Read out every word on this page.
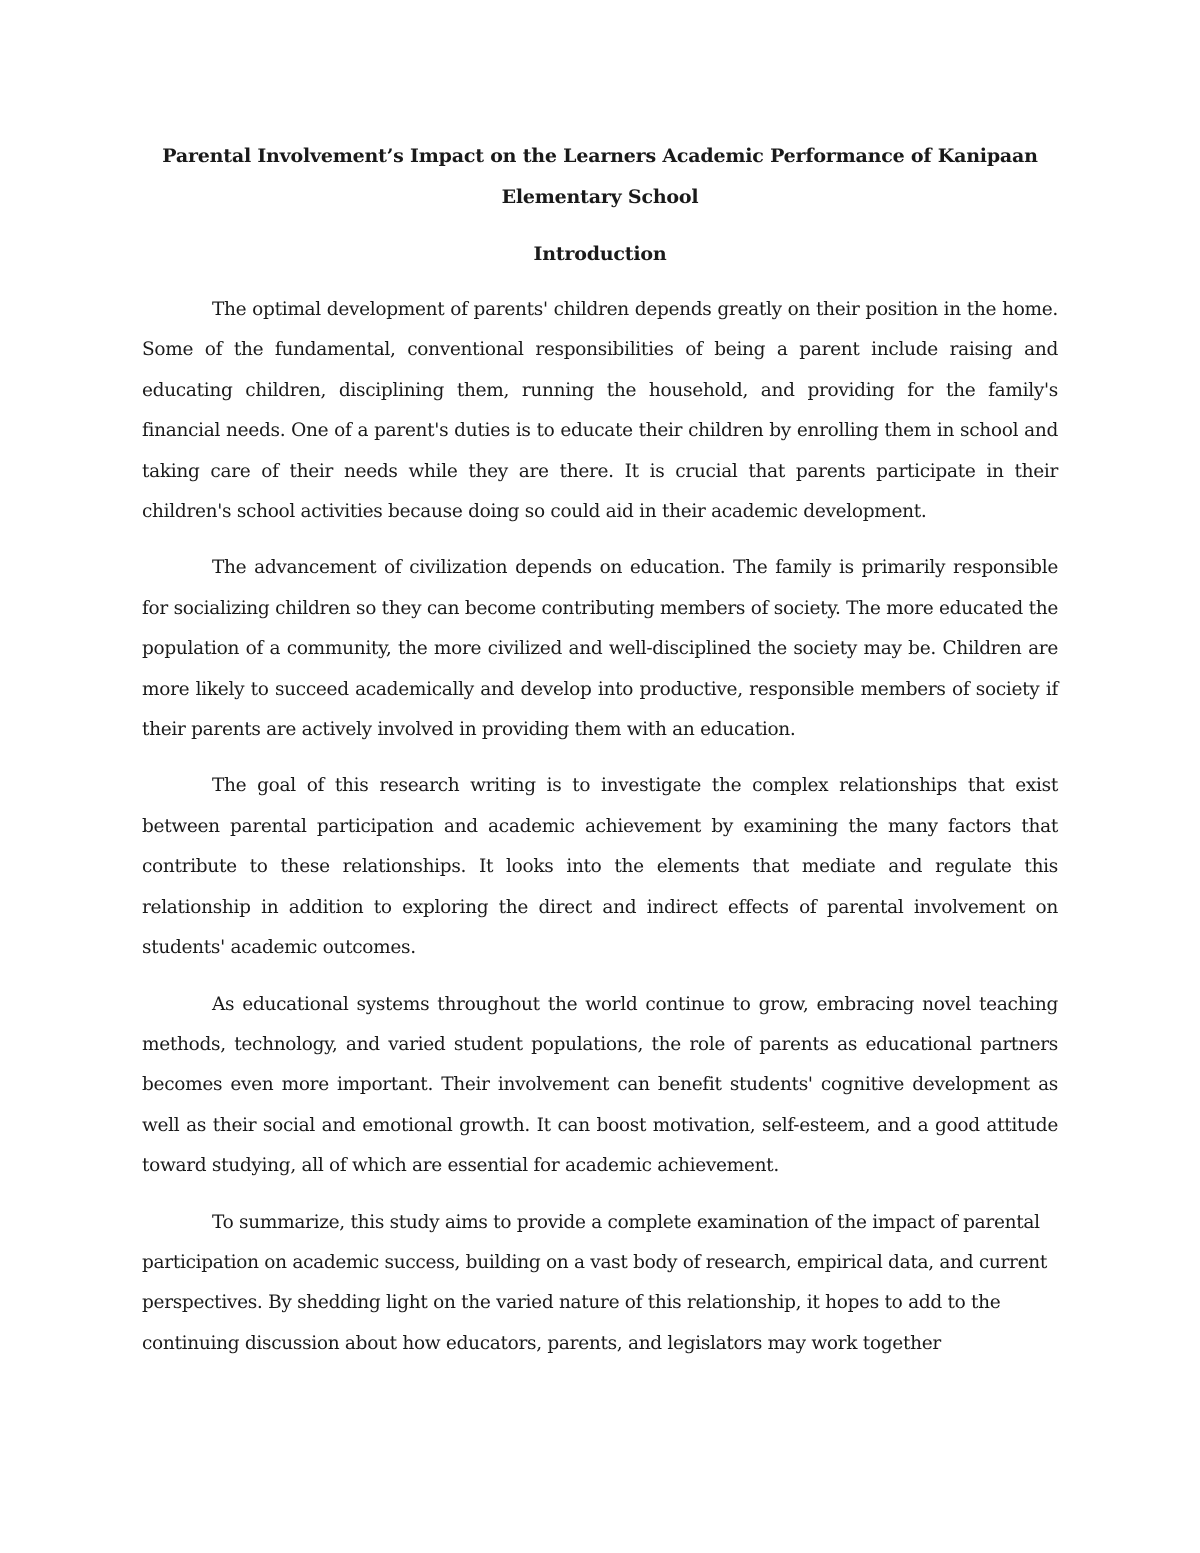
Parental Involvement’s Impact on the Learners Academic Performance of Kanipaan Elementary School
Introduction

The optimal development of parents' children depends greatly on their position in the home. Some of the fundamental, conventional responsibilities of being a parent include raising and educating children, disciplining them, running the household, and providing for the family's financial needs. One of a parent's duties is to educate their children by enrolling them in school and taking care of their needs while they are there. It is crucial that parents participate in their children's school activities because doing so could aid in their academic development.

The advancement of civilization depends on education. The family is primarily responsible for socializing children so they can become contributing members of society. The more educated the population of a community, the more civilized and well-disciplined the society may be. Children are more likely to succeed academically and develop into productive, responsible members of society if their parents are actively involved in providing them with an education.

The goal of this research writing is to investigate the complex relationships that exist between parental participation and academic achievement by examining the many factors that contribute to these relationships. It looks into the elements that mediate and regulate this relationship in addition to exploring the direct and indirect effects of parental involvement on students' academic outcomes.

As educational systems throughout the world continue to grow, embracing novel teaching methods, technology, and varied student populations, the role of parents as educational partners becomes even more important. Their involvement can benefit students' cognitive development as well as their social and emotional growth. It can boost motivation, self-esteem, and a good attitude toward studying, all of which are essential for academic achievement.

To summarize, this study aims to provide a complete examination of the impact of parental participation on academic success, building on a vast body of research, empirical data, and current perspectives. By shedding light on the varied nature of this relationship, it hopes to add to the continuing discussion about how educators, parents, and legislators may work together
